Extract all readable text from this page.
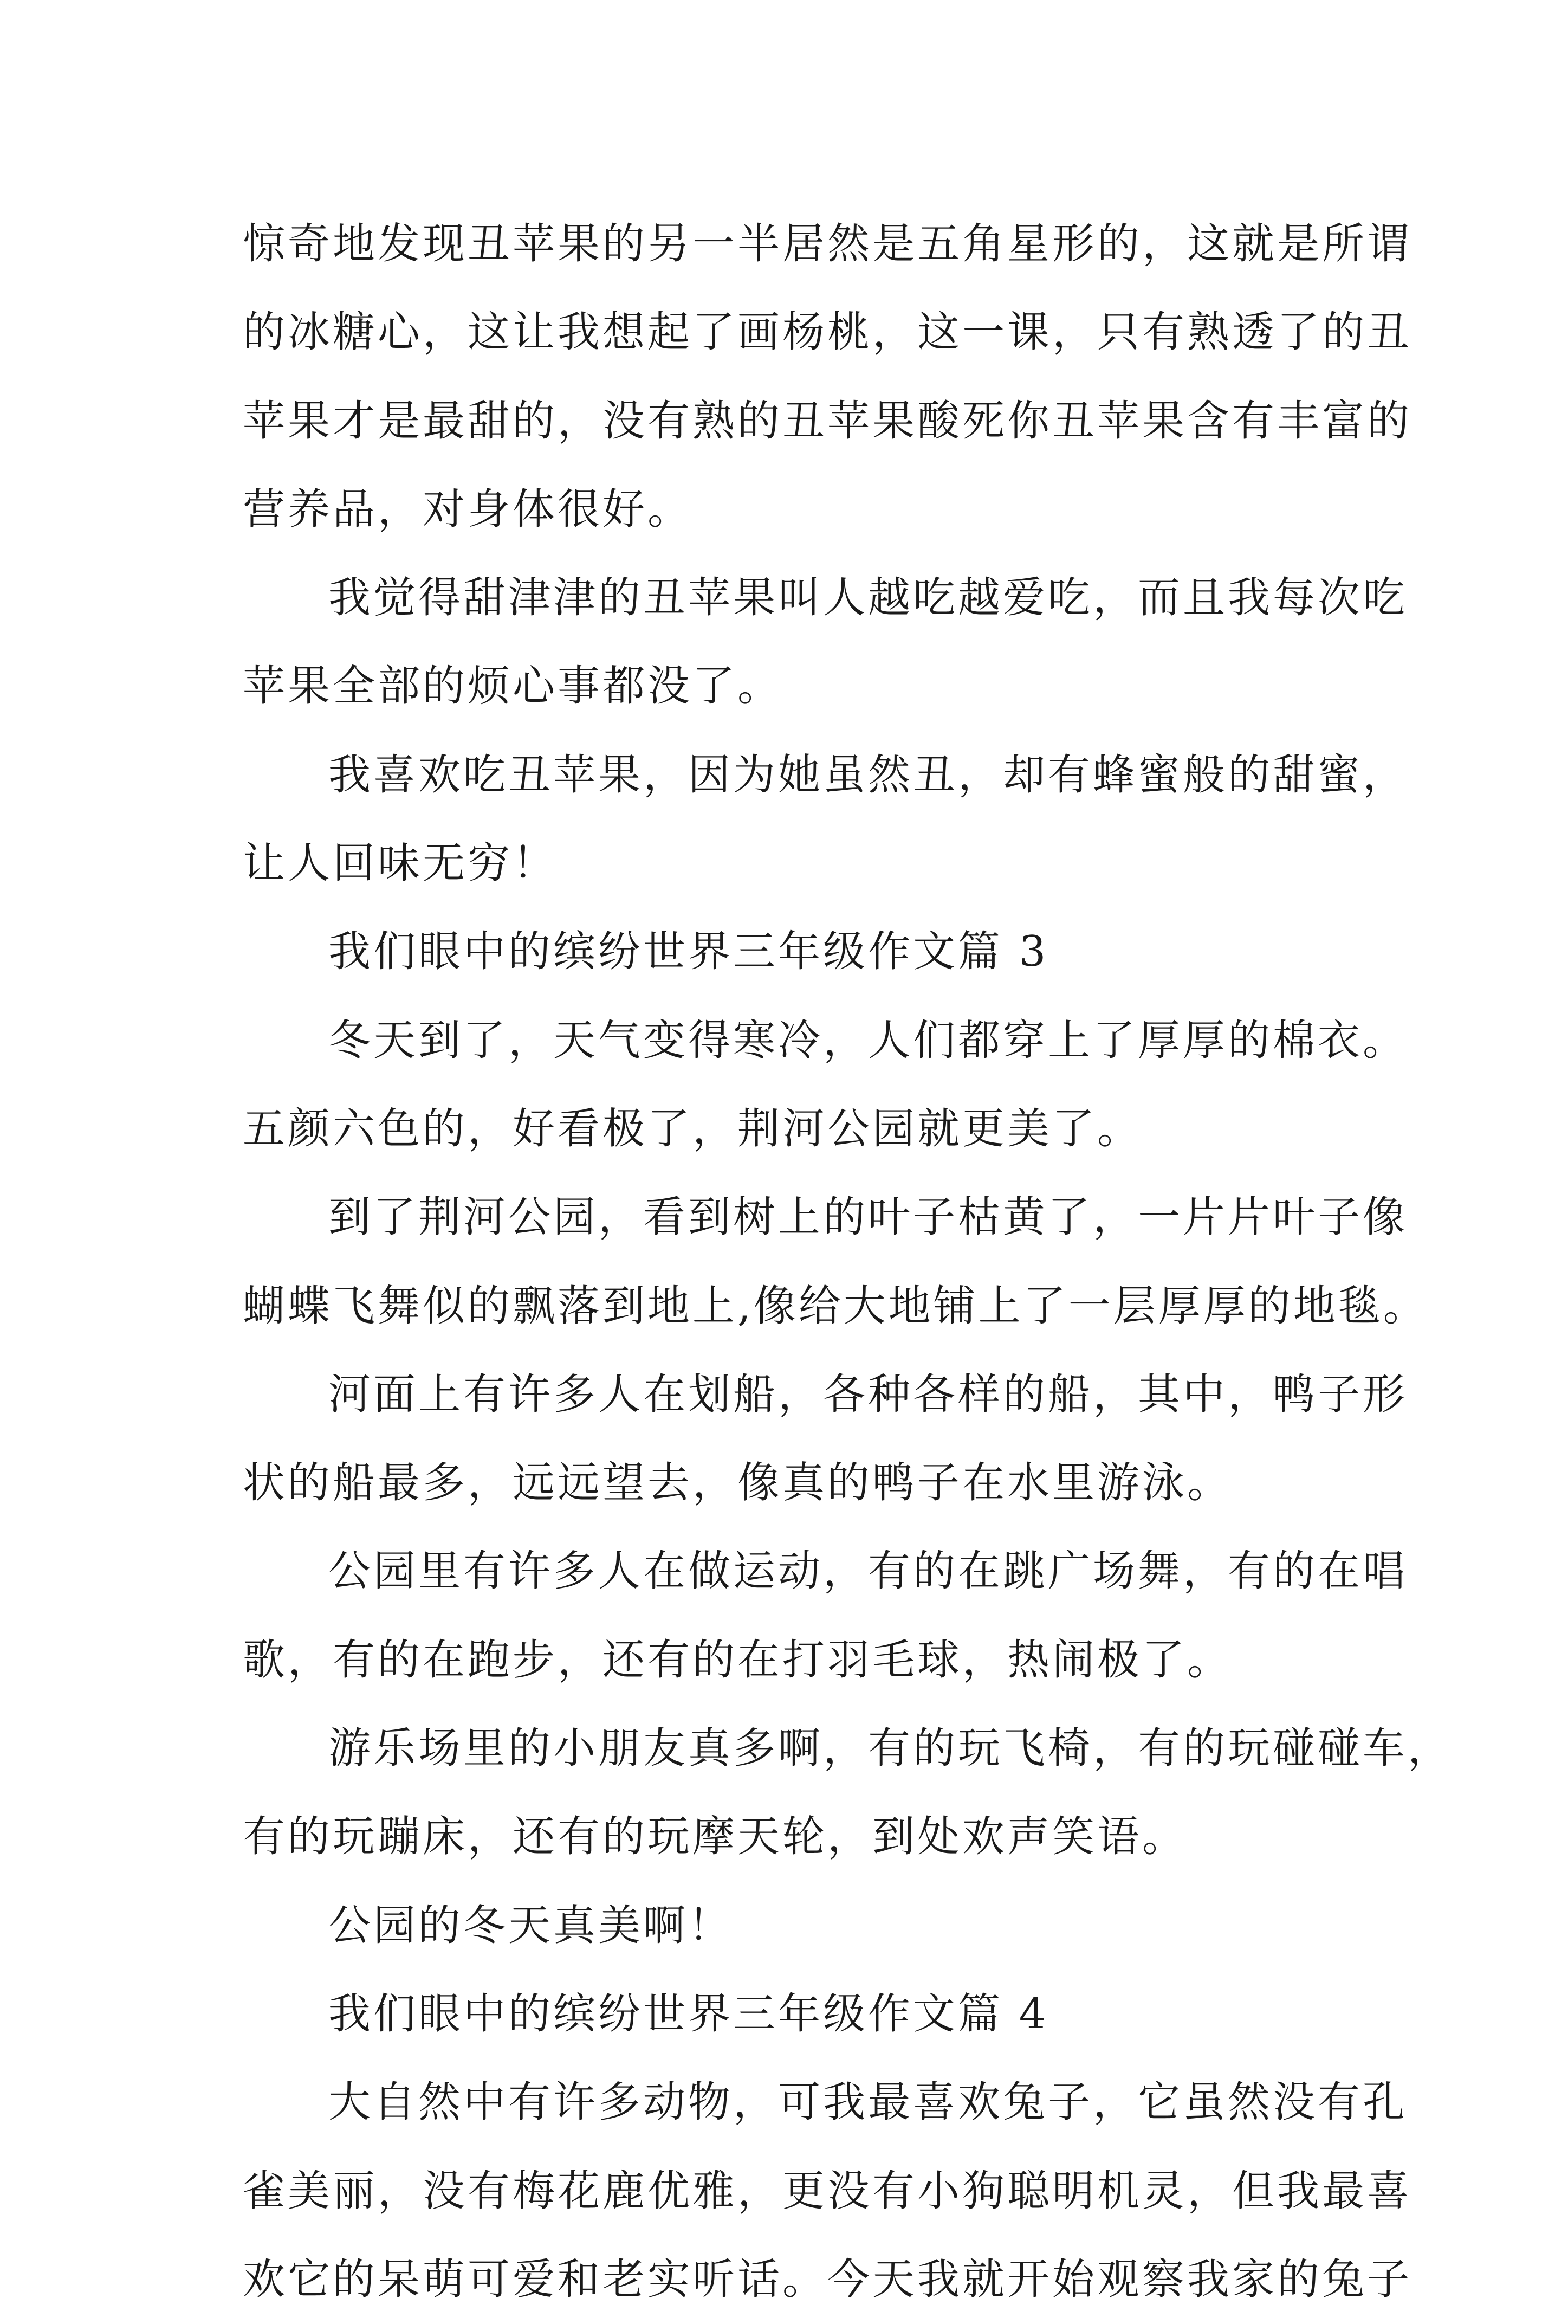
惊奇地发现丑苹果的另一半居然是五角星形的，这就是所谓
的冰糖心，这让我想起了画杨桃，这一课，只有熟透了的丑
苹果才是最甜的，没有熟的丑苹果酸死你丑苹果含有丰富的
营养品，对身体很好。
我觉得甜津津的丑苹果叫人越吃越爱吃，而且我每次吃
苹果全部的烦心事都没了。
我喜欢吃丑苹果，因为她虽然丑，却有蜂蜜般的甜蜜，
让人回味无穷！
我们眼中的缤纷世界三年级作文篇 3
冬天到了，天气变得寒冷，人们都穿上了厚厚的棉衣。
五颜六色的，好看极了，荆河公园就更美了。
到了荆河公园，看到树上的叶子枯黄了，一片片叶子像
蝴蝶飞舞似的飘落到地上,像给大地铺上了一层厚厚的地毯。
河面上有许多人在划船，各种各样的船，其中，鸭子形
状的船最多，远远望去，像真的鸭子在水里游泳。
公园里有许多人在做运动，有的在跳广场舞，有的在唱
歌，有的在跑步，还有的在打羽毛球，热闹极了。
游乐场里的小朋友真多啊，有的玩飞椅，有的玩碰碰车，
有的玩蹦床，还有的玩摩天轮，到处欢声笑语。
公园的冬天真美啊！
我们眼中的缤纷世界三年级作文篇 4
大自然中有许多动物，可我最喜欢兔子，它虽然没有孔
雀美丽，没有梅花鹿优雅，更没有小狗聪明机灵，但我最喜
欢它的呆萌可爱和老实听话。今天我就开始观察我家的兔子
